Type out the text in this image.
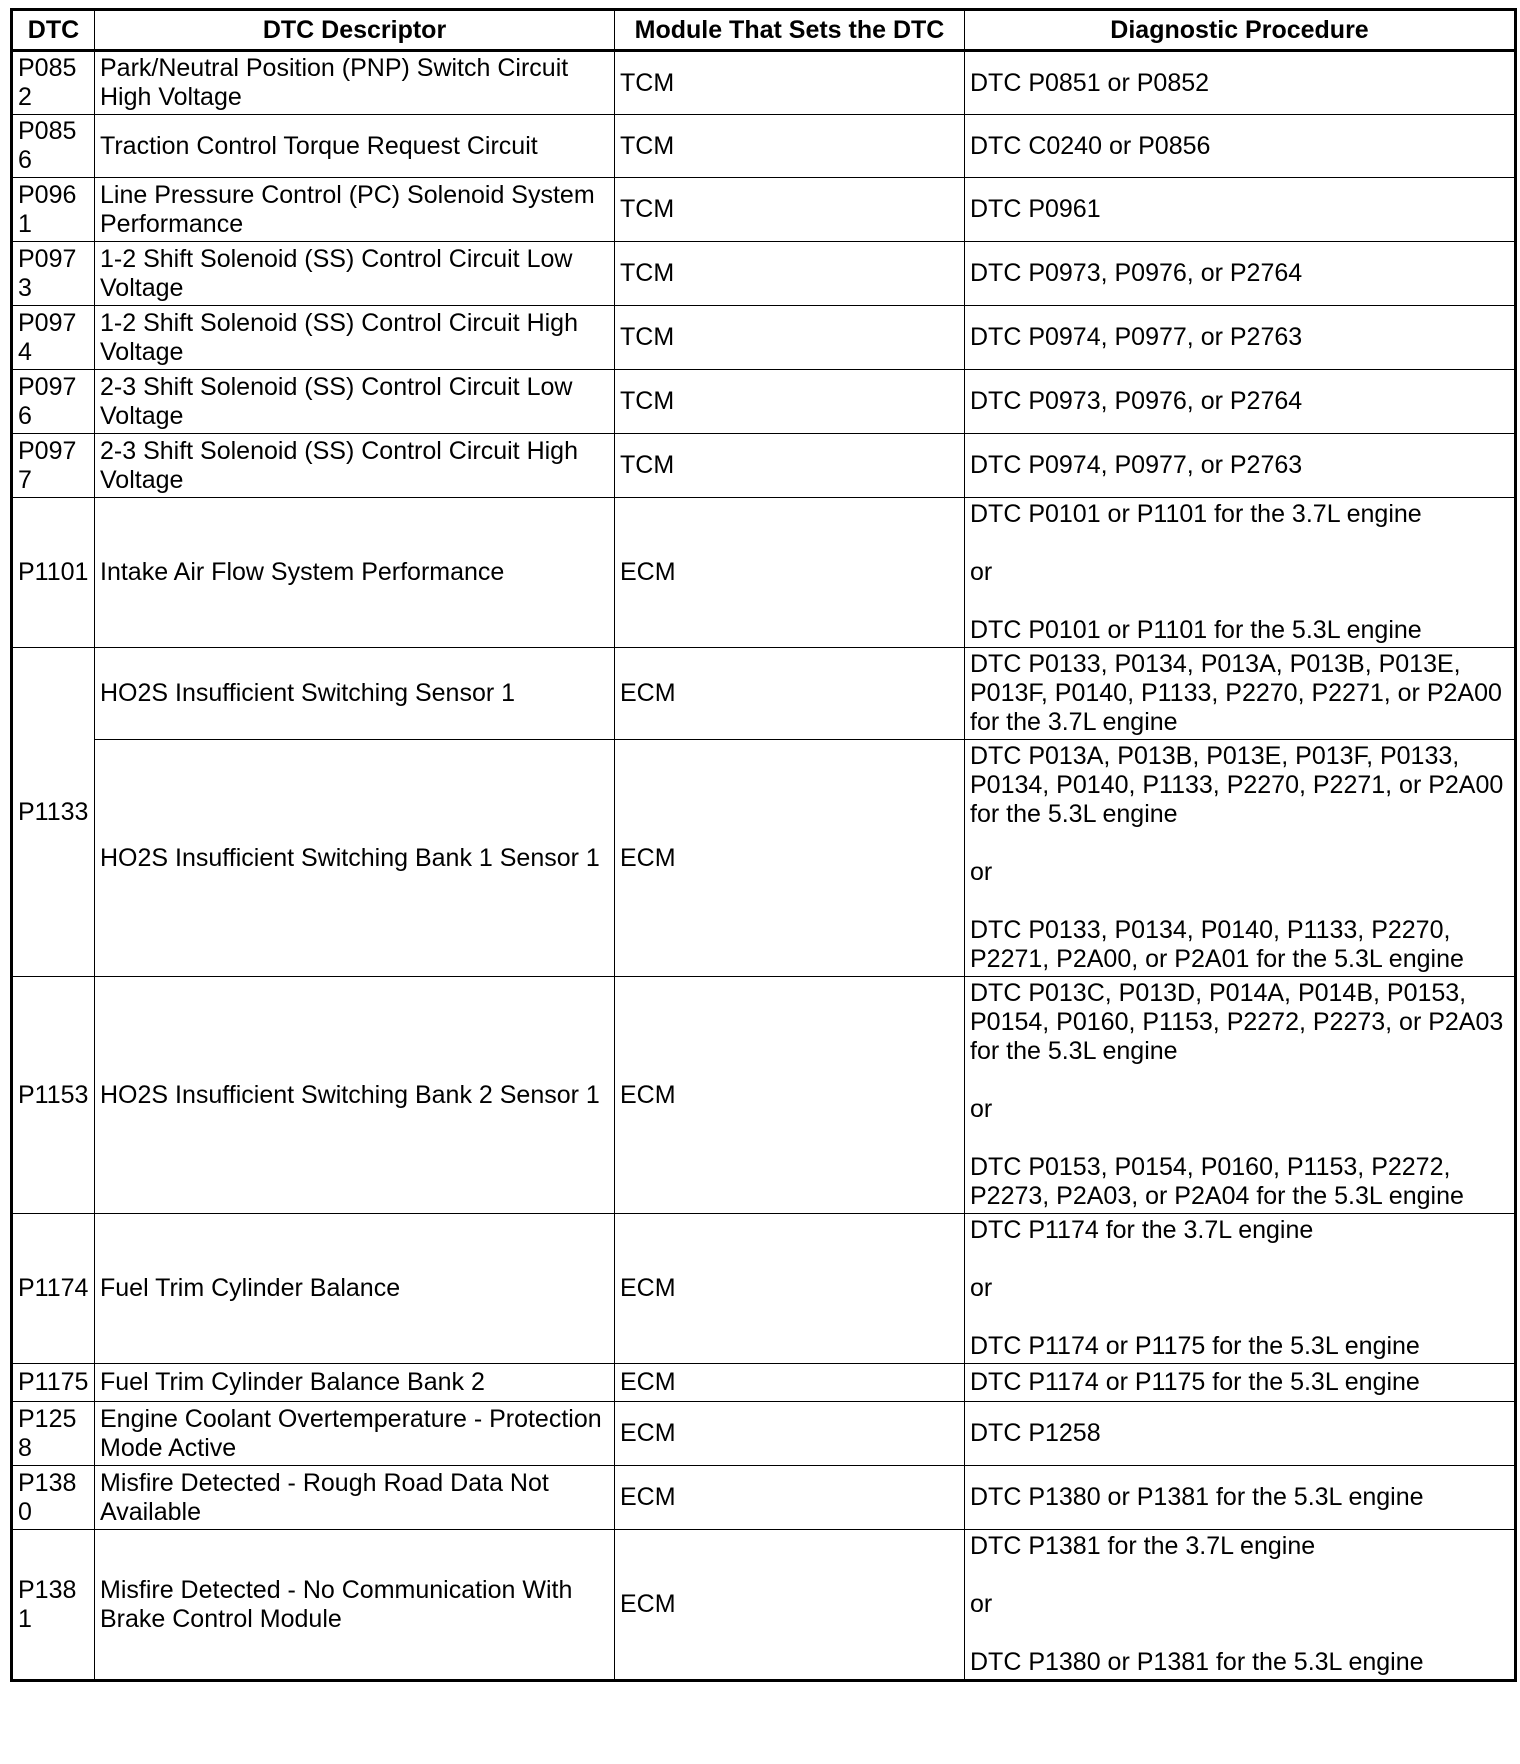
DTC	DTC Descriptor	Module That Sets the DTC	Diagnostic Procedure
P0852	Park/Neutral Position (PNP) Switch Circuit High Voltage	TCM	DTC P0851 or P0852

P0856	Traction Control Torque Request Circuit	TCM	DTC C0240 or P0856

P0961	Line Pressure Control (PC) Solenoid System Performance	TCM	DTC P0961

P0973	1-2 Shift Solenoid (SS) Control Circuit Low Voltage	TCM	DTC P0973, P0976, or P2764

P0974	1-2 Shift Solenoid (SS) Control Circuit High Voltage	TCM	DTC P0974, P0977, or P2763

P0976	2-3 Shift Solenoid (SS) Control Circuit Low Voltage	TCM	DTC P0973, P0976, or P2764

P0977	2-3 Shift Solenoid (SS) Control Circuit High Voltage	TCM	DTC P0974, P0977, or P2763

P1101	Intake Air Flow System Performance	ECM	DTC P0101 or P1101 for the 3.7L engine
or
DTC P0101 or P1101 for the 5.3L engine

P1133	HO2S Insufficient Switching Sensor 1	ECM	DTC P0133, P0134, P013A, P013B, P013E, P013F, P0140, P1133, P2270, P2271, or P2A00 for the 3.7L engine

	HO2S Insufficient Switching Bank 1 Sensor 1	ECM	DTC P013A, P013B, P013E, P013F, P0133, P0134, P0140, P1133, P2270, P2271, or P2A00 for the 5.3L engine
or
DTC P0133, P0134, P0140, P1133, P2270, P2271, P2A00, or P2A01 for the 5.3L engine

P1153	HO2S Insufficient Switching Bank 2 Sensor 1	ECM	DTC P013C, P013D, P014A, P014B, P0153, P0154, P0160, P1153, P2272, P2273, or P2A03 for the 5.3L engine
or
DTC P0153, P0154, P0160, P1153, P2272, P2273, P2A03, or P2A04 for the 5.3L engine

P1174	Fuel Trim Cylinder Balance	ECM	DTC P1174 for the 3.7L engine
or
DTC P1174 or P1175 for the 5.3L engine

P1175	Fuel Trim Cylinder Balance Bank 2	ECM	DTC P1174 or P1175 for the 5.3L engine

P1258	Engine Coolant Overtemperature - Protection Mode Active	ECM	DTC P1258

P1380	Misfire Detected - Rough Road Data Not Available	ECM	DTC P1380 or P1381 for the 5.3L engine

P1381	Misfire Detected - No Communication With Brake Control Module	ECM	DTC P1381 for the 3.7L engine
or
DTC P1380 or P1381 for the 5.3L engine
